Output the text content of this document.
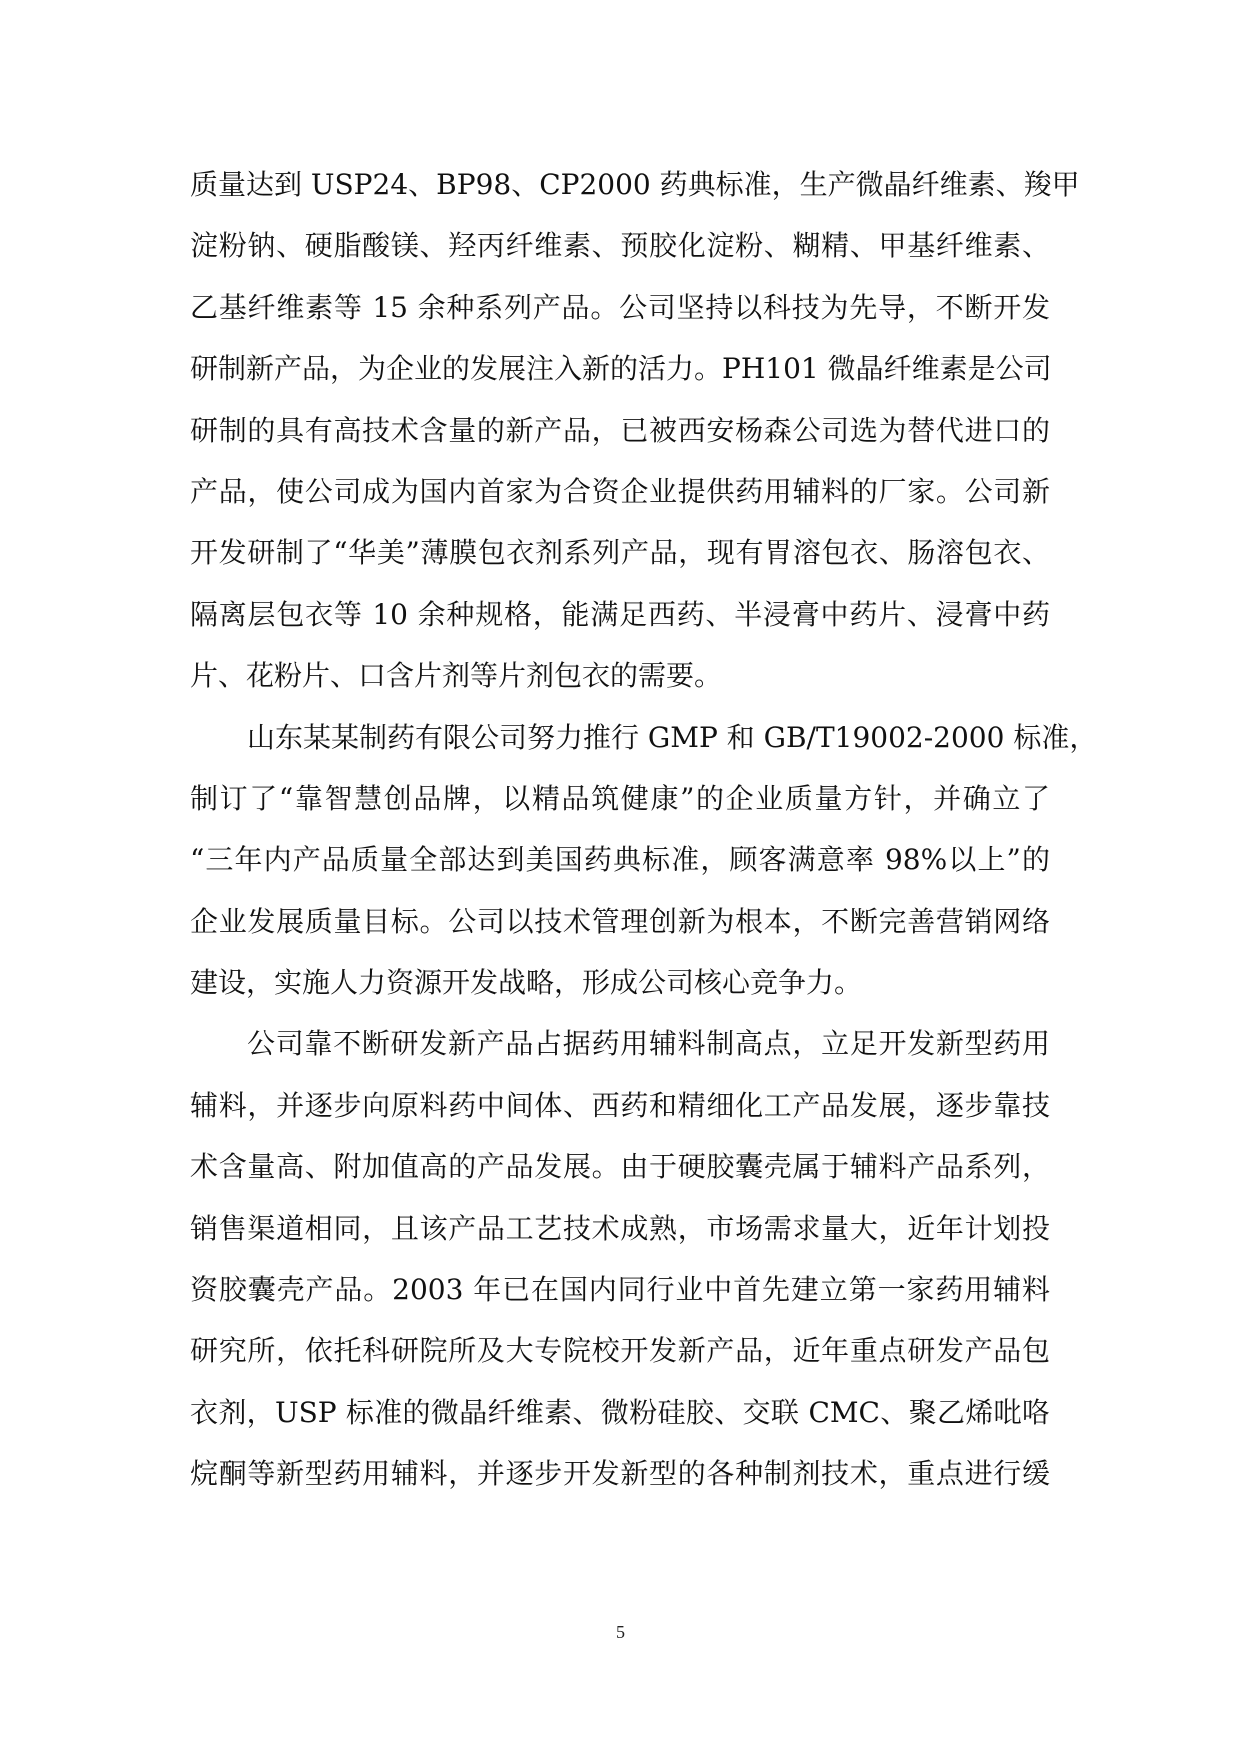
质量达到 USP24、BP98、CP2000 药典标准，生产微晶纤维素、羧甲
淀粉钠、硬脂酸镁、羟丙纤维素、预胶化淀粉、糊精、甲基纤维素、
乙基纤维素等 15 余种系列产品。公司坚持以科技为先导，不断开发
研制新产品，为企业的发展注入新的活力。PH101 微晶纤维素是公司
研制的具有高技术含量的新产品，已被西安杨森公司选为替代进口的
产品，使公司成为国内首家为合资企业提供药用辅料的厂家。公司新
开发研制了“华美”薄膜包衣剂系列产品，现有胃溶包衣、肠溶包衣、
隔离层包衣等 10 余种规格，能满足西药、半浸膏中药片、浸膏中药
片、花粉片、口含片剂等片剂包衣的需要。
山东某某制药有限公司努力推行 GMP 和 GB/T19002-2000 标准，
制订了“靠智慧创品牌，以精品筑健康”的企业质量方针，并确立了
“三年内产品质量全部达到美国药典标准，顾客满意率 98%以上”的
企业发展质量目标。公司以技术管理创新为根本，不断完善营销网络
建设，实施人力资源开发战略，形成公司核心竞争力。
公司靠不断研发新产品占据药用辅料制高点，立足开发新型药用
辅料，并逐步向原料药中间体、西药和精细化工产品发展，逐步靠技
术含量高、附加值高的产品发展。由于硬胶囊壳属于辅料产品系列，
销售渠道相同，且该产品工艺技术成熟，市场需求量大，近年计划投
资胶囊壳产品。2003 年已在国内同行业中首先建立第一家药用辅料
研究所，依托科研院所及大专院校开发新产品，近年重点研发产品包
衣剂，USP 标准的微晶纤维素、微粉硅胶、交联 CMC、聚乙烯吡咯
烷酮等新型药用辅料，并逐步开发新型的各种制剂技术，重点进行缓
5
